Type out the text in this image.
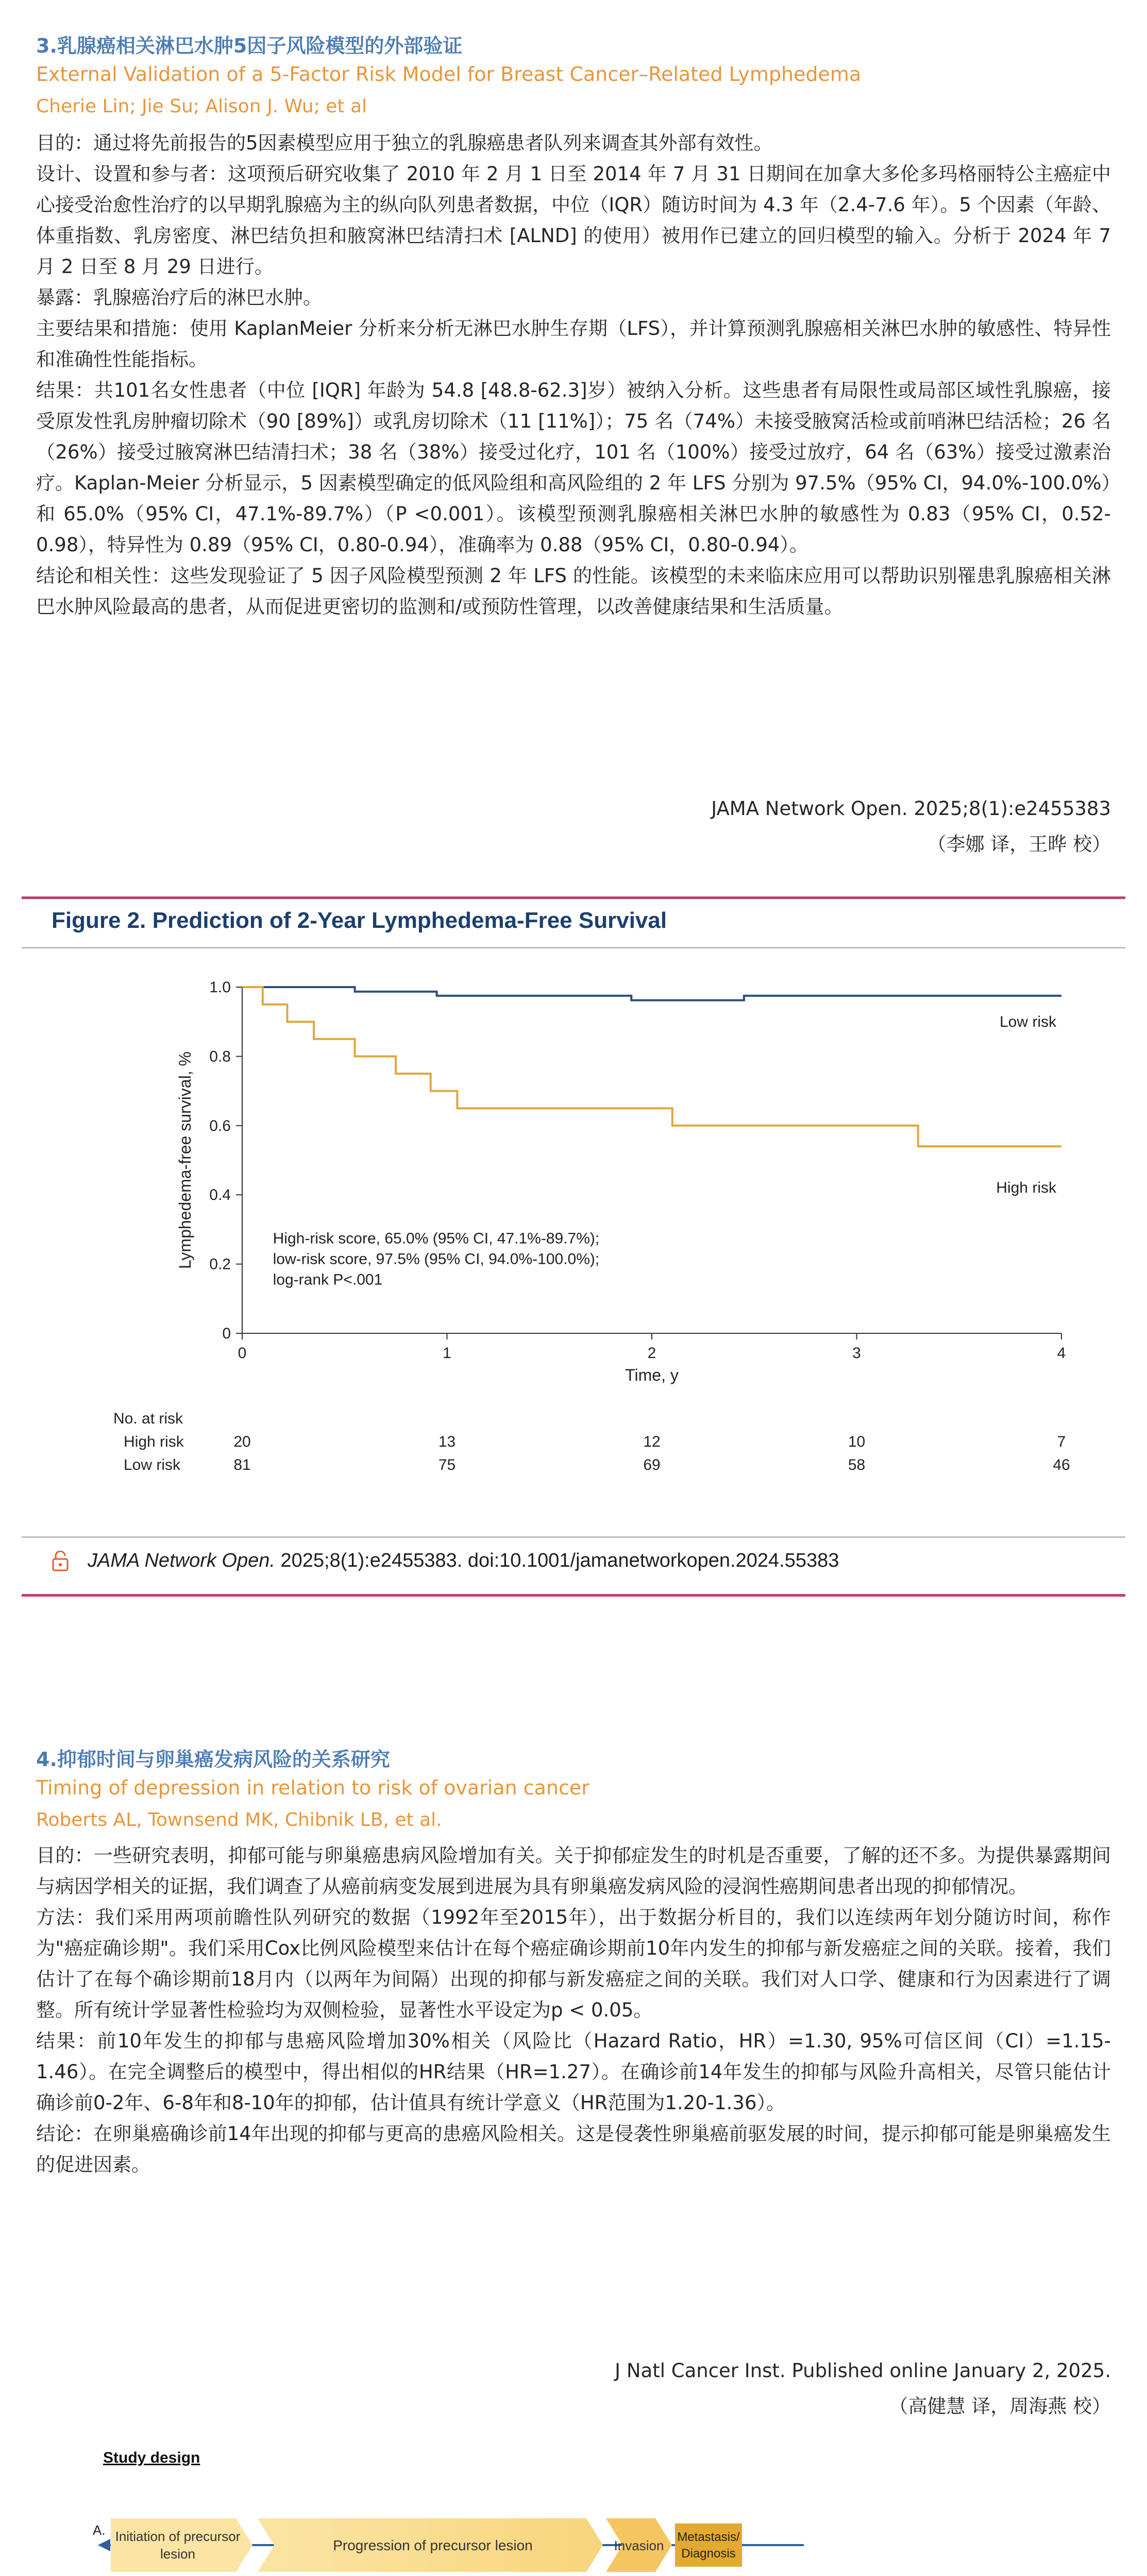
3.乳腺癌相关淋巴水肿5因子风险模型的外部验证
External Validation of a 5-Factor Risk Model for Breast Cancer–Related Lymphedema
Cherie Lin; Jie Su; Alison J. Wu; et al

目的：通过将先前报告的5因素模型应用于独立的乳腺癌患者队列来调查其外部有效性。

设计、设置和参与者：这项预后研究收集了 2010 年 2 月 1 日至 2014 年 7 月 31 日期间在加拿大多伦多玛格丽特公主癌症中心接受治愈性治疗的以早期乳腺癌为主的纵向队列患者数据，中位（IQR）随访时间为 4.3 年（2.4-7.6 年）。5 个因素（年龄、体重指数、乳房密度、淋巴结负担和腋窝淋巴结清扫术 [ALND] 的使用）被用作已建立的回归模型的输入。分析于 2024 年 7 月 2 日至 8 月 29 日进行。

暴露：乳腺癌治疗后的淋巴水肿。

主要结果和措施：使用 KaplanMeier 分析来分析无淋巴水肿生存期（LFS），并计算预测乳腺癌相关淋巴水肿的敏感性、特异性和准确性性能指标。

结果：共101名女性患者（中位 [IQR] 年龄为 54.8 [48.8-62.3]岁）被纳入分析。这些患者有局限性或局部区域性乳腺癌，接受原发性乳房肿瘤切除术（90 [89%]）或乳房切除术（11 [11%]）；75 名（74%）未接受腋窝活检或前哨淋巴结活检；26 名（26%）接受过腋窝淋巴结清扫术；38 名（38%）接受过化疗，101 名（100%）接受过放疗，64 名（63%）接受过激素治疗。Kaplan-Meier 分析显示，5 因素模型确定的低风险组和高风险组的 2 年 LFS 分别为 97.5%（95% CI，94.0%-100.0%）和 65.0%（95% CI，47.1%-89.7%）（P <0.001）。该模型预测乳腺癌相关淋巴水肿的敏感性为 0.83（95% CI，0.52-0.98），特异性为 0.89（95% CI，0.80-0.94），准确率为 0.88（95% CI，0.80-0.94）。

结论和相关性：这些发现验证了 5 因子风险模型预测 2 年 LFS 的性能。该模型的未来临床应用可以帮助识别罹患乳腺癌相关淋巴水肿风险最高的患者，从而促进更密切的监测和/或预防性管理，以改善健康结果和生活质量。

JAMA Network Open. 2025;8(1):e2455383
（李娜 译，王晔 校）
Figure 2. Prediction of 2-Year Lymphedema-Free Survival
0
0.2
0.4
0.6
0.8
1.0
0	1	2	3	4
Time, y
Lymphedema-free survival, %
Low risk
High risk
High-risk score, 65.0% (95% CI, 47.1%-89.7%);
low-risk score, 97.5% (95% CI, 94.0%-100.0%);
log-rank P<.001
No. at risk
High risk	20	13	12	10	7
Low risk	81	75	69	58	46
JAMA Network Open. 2025;8(1):e2455383. doi:10.1001/jamanetworkopen.2024.55383
4.抑郁时间与卵巢癌发病风险的关系研究
Timing of depression in relation to risk of ovarian cancer
Roberts AL, Townsend MK, Chibnik LB, et al.

目的：一些研究表明，抑郁可能与卵巢癌患病风险增加有关。关于抑郁症发生的时机是否重要，了解的还不多。为提供暴露期间与病因学相关的证据，我们调查了从癌前病变发展到进展为具有卵巢癌发病风险的浸润性癌期间患者出现的抑郁情况。

方法：我们采用两项前瞻性队列研究的数据（1992年至2015年），出于数据分析目的，我们以连续两年划分随访时间，称作为"癌症确诊期"。我们采用Cox比例风险模型来估计在每个癌症确诊期前10年内发生的抑郁与新发癌症之间的关联。接着，我们估计了在每个确诊期前18月内（以两年为间隔）出现的抑郁与新发癌症之间的关联。我们对人口学、健康和行为因素进行了调整。所有统计学显著性检验均为双侧检验，显著性水平设定为p < 0.05。

结果：前10年发生的抑郁与患癌风险增加30%相关（风险比（Hazard Ratio，HR）=1.30, 95%可信区间（CI）=1.15-1.46）。在完全调整后的模型中，得出相似的HR结果（HR=1.27）。在确诊前14年发生的抑郁与风险升高相关，尽管只能估计确诊前0-2年、6-8年和8-10年的抑郁，估计值具有统计学意义（HR范围为1.20-1.36）。

结论：在卵巢癌确诊前14年出现的抑郁与更高的患癌风险相关。这是侵袭性卵巢癌前驱发展的时间，提示抑郁可能是卵巢癌发生的促进因素。

J Natl Cancer Inst. Published online January 2, 2025.
（高健慧 译，周海燕 校）
Study design
A. Initiation of precursor
lesion
Progression of precursor lesion	Invasion
Metastasis/
Diagnosis
